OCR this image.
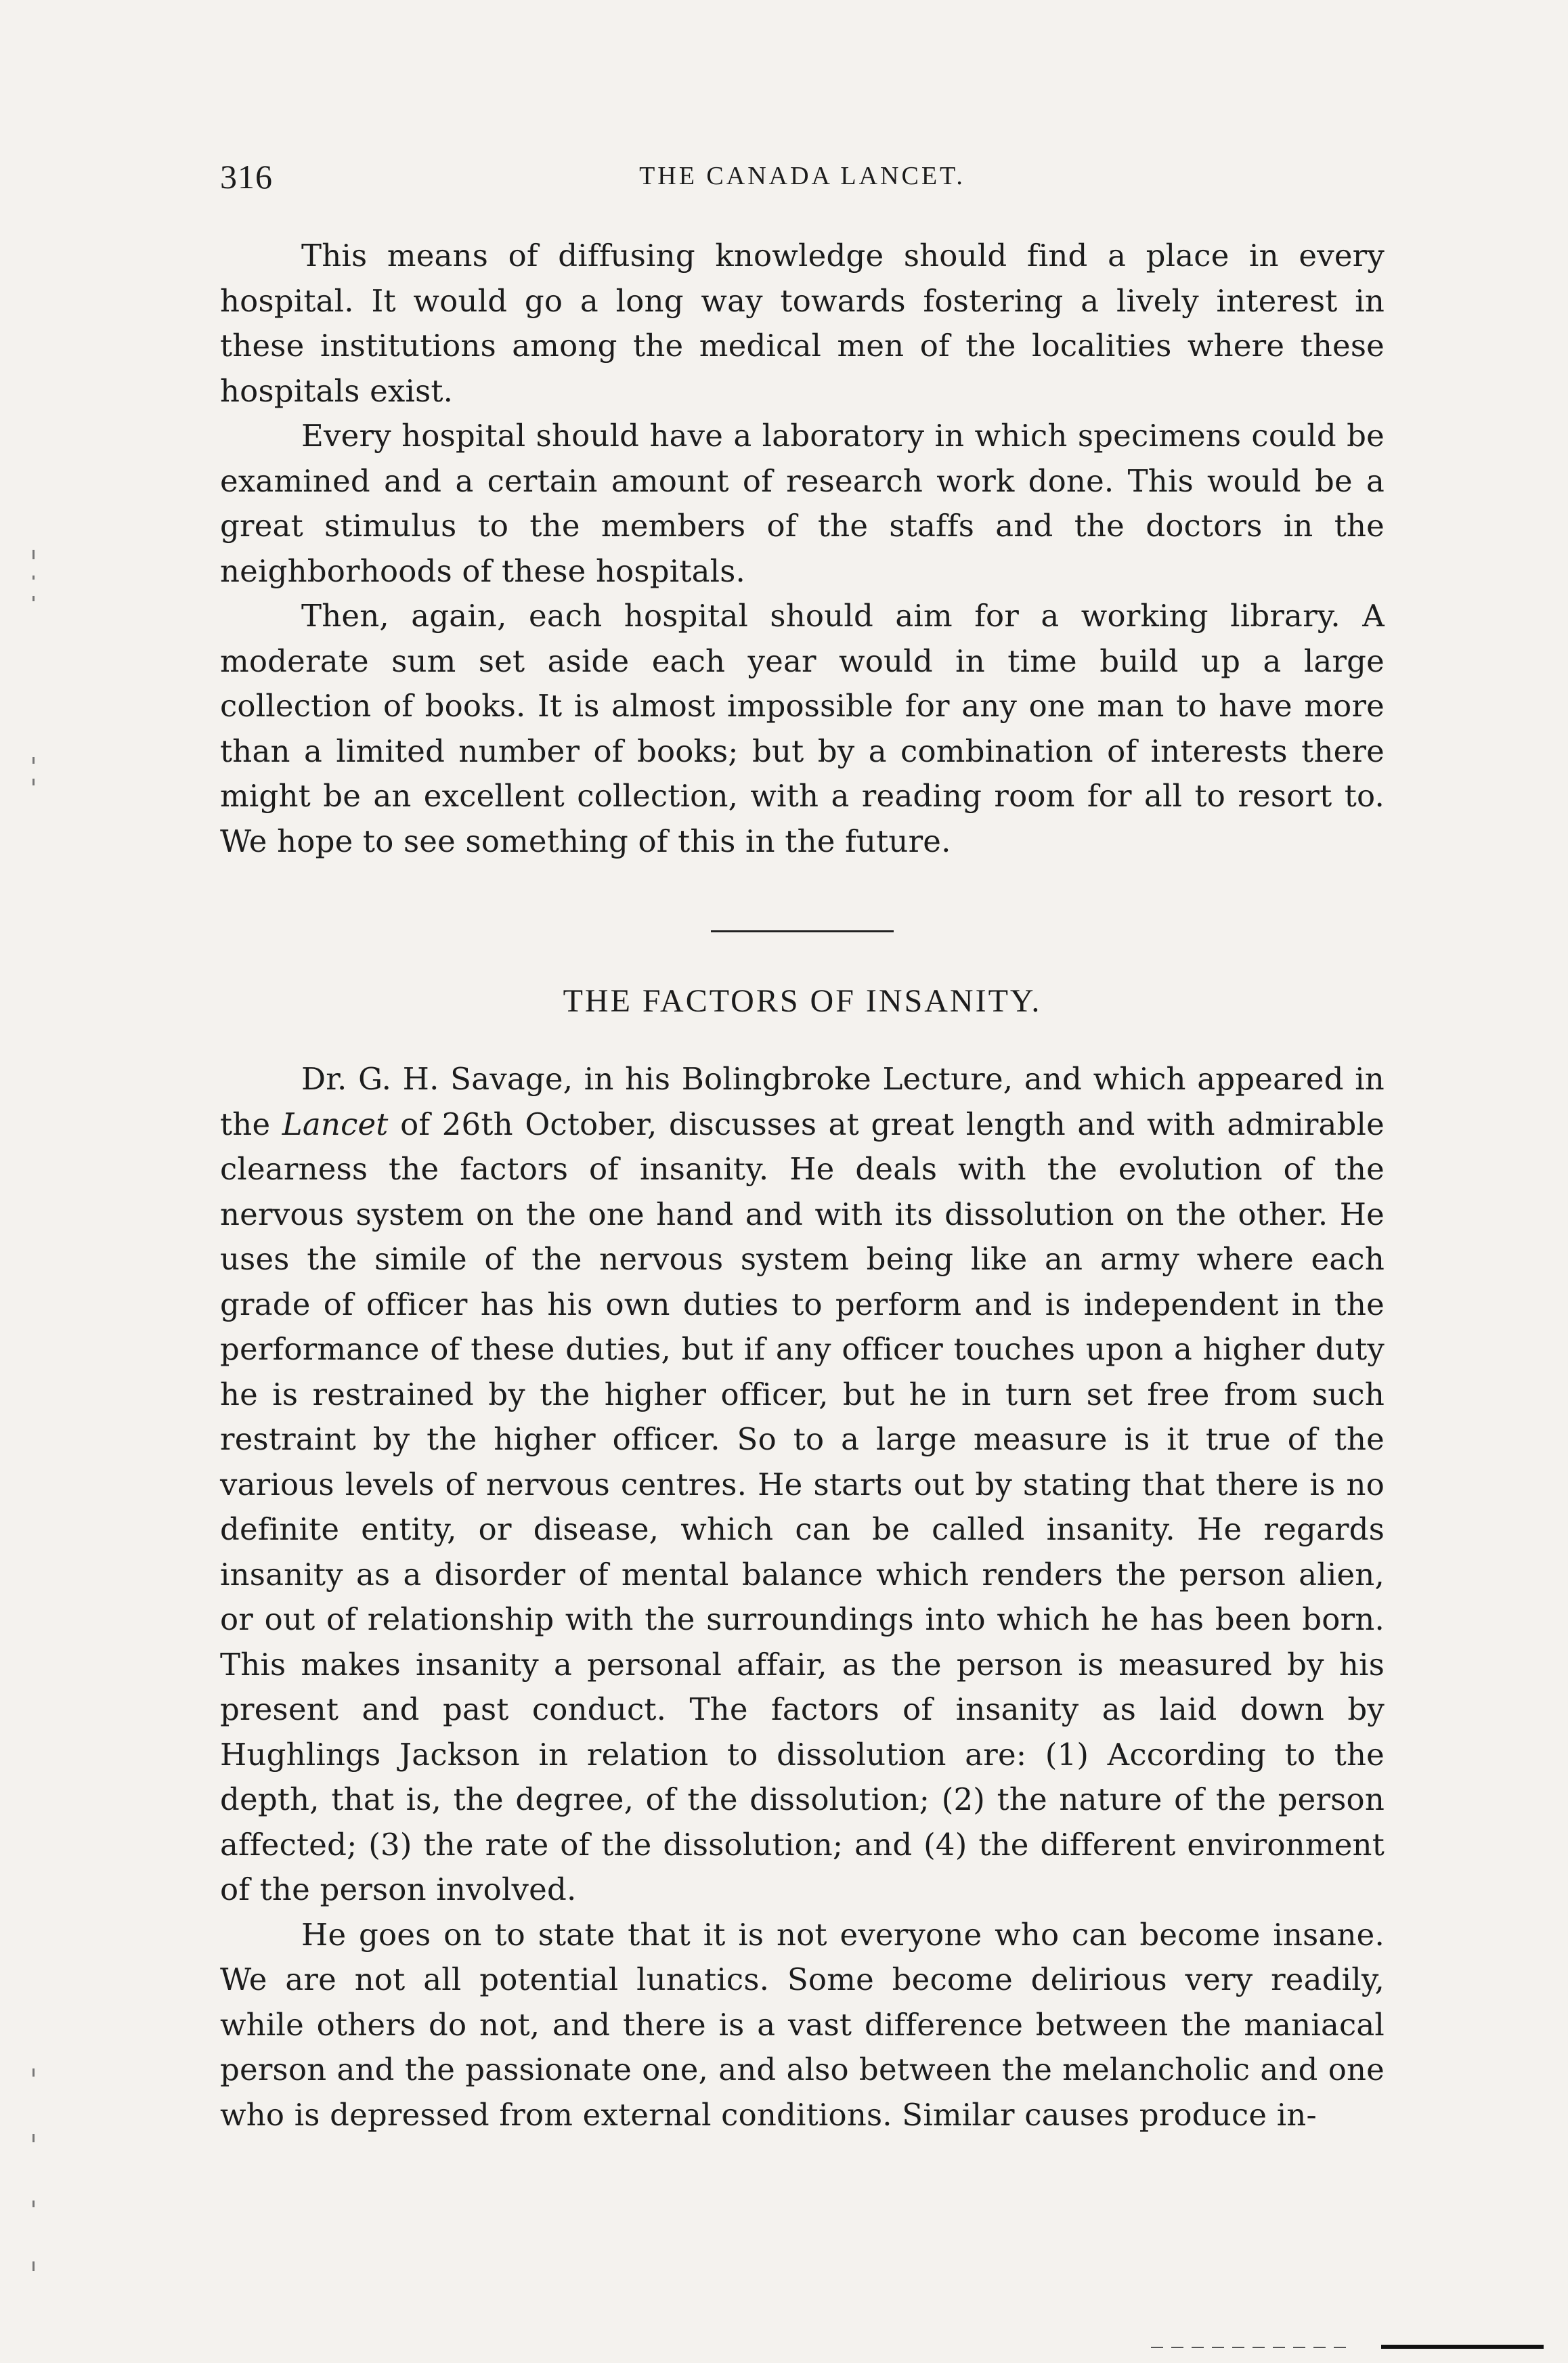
316	THE CANADA LANCET.

This means of diffusing knowledge should find a place in every hospital. It would go a long way towards fostering a lively interest in these institutions among the medical men of the localities where these hospitals exist.

Every hospital should have a laboratory in which specimens could be examined and a certain amount of research work done. This would be a great stimulus to the members of the staffs and the doctors in the neighborhoods of these hospitals.

Then, again, each hospital should aim for a working library. A moderate sum set aside each year would in time build up a large collection of books. It is almost impossible for any one man to have more than a limited number of books; but by a combination of interests there might be an excellent collection, with a reading room for all to resort to. We hope to see something of this in the future.

THE FACTORS OF INSANITY.

Dr. G. H. Savage, in his Bolingbroke Lecture, and which appeared in the Lancet of 26th October, discusses at great length and with admirable clearness the factors of insanity. He deals with the evolution of the nervous system on the one hand and with its dissolution on the other. He uses the simile of the nervous system being like an army where each grade of officer has his own duties to perform and is independent in the performance of these duties, but if any officer touches upon a higher duty he is restrained by the higher officer, but he in turn set free from such restraint by the higher officer. So to a large measure is it true of the various levels of nervous centres. He starts out by stating that there is no definite entity, or disease, which can be called insanity. He regards insanity as a disorder of mental balance which renders the person alien, or out of relationship with the surroundings into which he has been born. This makes insanity a personal affair, as the person is measured by his present and past conduct. The factors of insanity as laid down by Hughlings Jackson in relation to dissolution are: (1) According to the depth, that is, the degree, of the dissolution; (2) the nature of the person affected; (3) the rate of the dissolution; and (4) the different environment of the person involved.

He goes on to state that it is not everyone who can become insane. We are not all potential lunatics. Some become delirious very readily, while others do not, and there is a vast difference between the maniacal person and the passionate one, and also between the melancholic and one who is depressed from external conditions. Similar causes produce in-
